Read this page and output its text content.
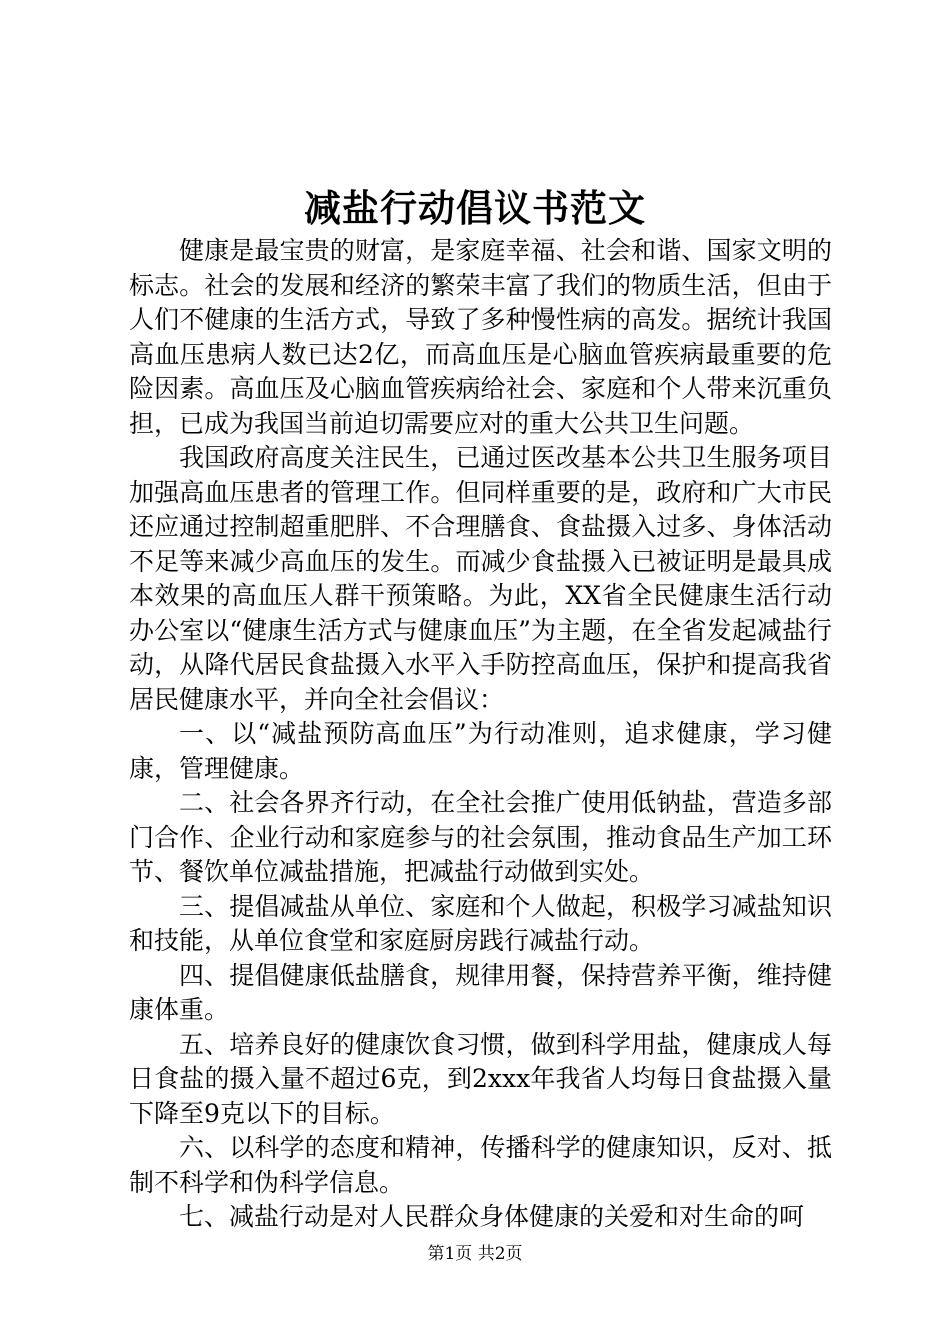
减盐行动倡议书范文

健康是最宝贵的财富，是家庭幸福、社会和谐、国家文明的标志。社会的发展和经济的繁荣丰富了我们的物质生活，但由于人们不健康的生活方式，导致了多种慢性病的高发。据统计我国高血压患病人数已达2亿，而高血压是心脑血管疾病最重要的危险因素。高血压及心脑血管疾病给社会、家庭和个人带来沉重负担，已成为我国当前迫切需要应对的重大公共卫生问题。

我国政府高度关注民生，已通过医改基本公共卫生服务项目加强高血压患者的管理工作。但同样重要的是，政府和广大市民还应通过控制超重肥胖、不合理膳食、食盐摄入过多、身体活动不足等来减少高血压的发生。而减少食盐摄入已被证明是最具成本效果的高血压人群干预策略。为此，XX省全民健康生活行动办公室以“健康生活方式与健康血压”为主题，在全省发起减盐行动，从降代居民食盐摄入水平入手防控高血压，保护和提高我省居民健康水平，并向全社会倡议：

一、以“减盐预防高血压”为行动准则，追求健康，学习健康，管理健康。

二、社会各界齐行动，在全社会推广使用低钠盐，营造多部门合作、企业行动和家庭参与的社会氛围，推动食品生产加工环节、餐饮单位减盐措施，把减盐行动做到实处。

三、提倡减盐从单位、家庭和个人做起，积极学习减盐知识和技能，从单位食堂和家庭厨房践行减盐行动。

四、提倡健康低盐膳食，规律用餐，保持营养平衡，维持健康体重。

五、培养良好的健康饮食习惯，做到科学用盐，健康成人每日食盐的摄入量不超过6克，到2xxx年我省人均每日食盐摄入量下降至9克以下的目标。

六、以科学的态度和精神，传播科学的健康知识，反对、抵制不科学和伪科学信息。

七、减盐行动是对人民群众身体健康的关爱和对生命的呵

第1页 共2页
